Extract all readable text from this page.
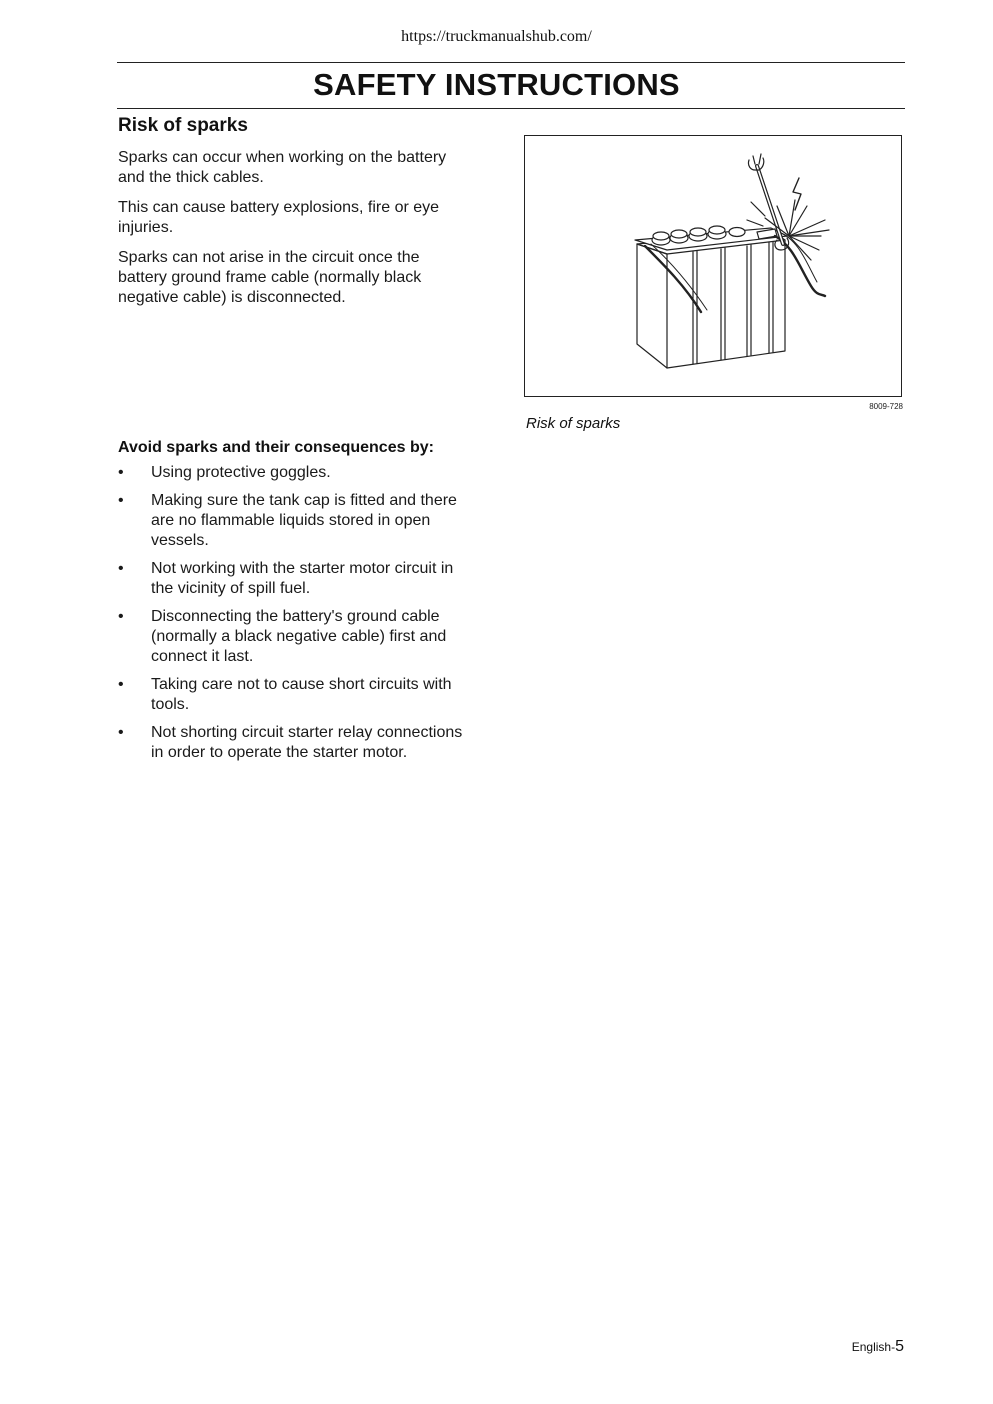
https://truckmanualshub.com/
SAFETY INSTRUCTIONS
Risk of sparks

Sparks can occur when working on the battery and the thick cables.

This can cause battery explosions, fire or eye injuries.

Sparks can not arise in the circuit once the battery ground frame cable (normally black negative cable) is disconnected.

8009-728
Risk of sparks
Avoid sparks and their consequences by:
• Using protective goggles.
• Making sure the tank cap is fitted and there are no flammable liquids stored in open vessels.
• Not working with the starter motor circuit in the vicinity of spill fuel.
• Disconnecting the battery's ground cable (normally a black negative cable) first and connect it last.
• Taking care not to cause short circuits with tools.
• Not shorting circuit starter relay connections in order to operate the starter motor.
English-5
